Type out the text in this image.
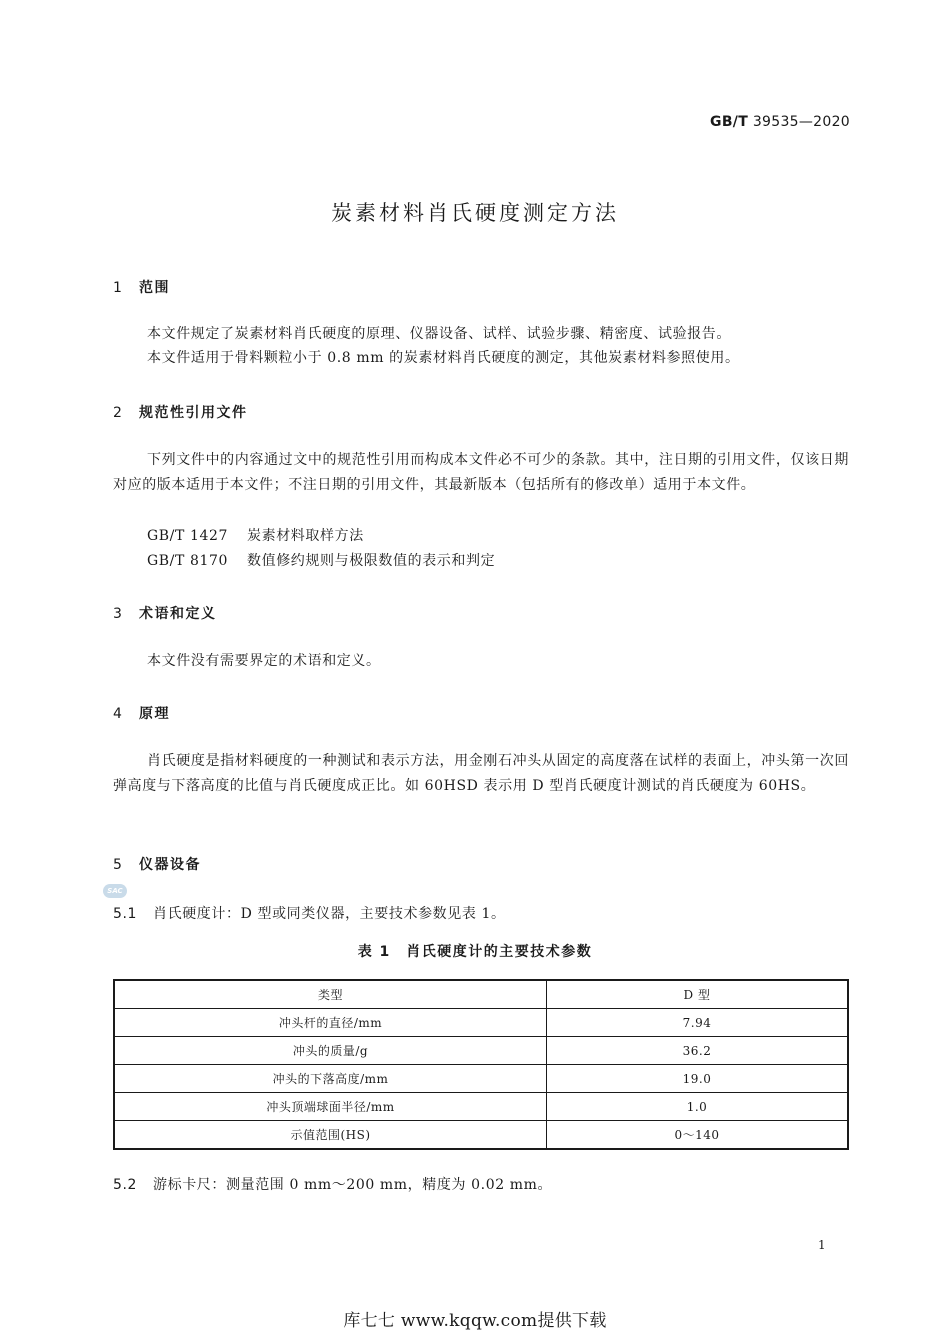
GB/T 39535—2020
炭素材料肖氏硬度测定方法
1 范围
本文件规定了炭素材料肖氏硬度的原理、仪器设备、试样、试验步骤、精密度、试验报告。
本文件适用于骨料颗粒小于 0.8 mm 的炭素材料肖氏硬度的测定，其他炭素材料参照使用。
2 规范性引用文件
下列文件中的内容通过文中的规范性引用而构成本文件必不可少的条款。其中，注日期的引用文件，仅该日期对应的版本适用于本文件；不注日期的引用文件，其最新版本（包括所有的修改单）适用于本文件。
GB/T 1427 炭素材料取样方法
GB/T 8170 数值修约规则与极限数值的表示和判定
3 术语和定义
本文件没有需要界定的术语和定义。
4 原理
肖氏硬度是指材料硬度的一种测试和表示方法，用金刚石冲头从固定的高度落在试样的表面上，冲头第一次回弹高度与下落高度的比值与肖氏硬度成正比。如 60HSD 表示用 D 型肖氏硬度计测试的肖氏硬度为 60HS。
5 仪器设备
SAC
5.1 肖氏硬度计：D 型或同类仪器，主要技术参数见表 1。
表 1　肖氏硬度计的主要技术参数
类型	D 型
冲头杆的直径/mm	7.94
冲头的质量/g	36.2
冲头的下落高度/mm	19.0
冲头顶端球面半径/mm	1.0
示值范围(HS)	0～140
5.2 游标卡尺：测量范围 0 mm～200 mm，精度为 0.02 mm。
1
库七七 www.kqqw.com提供下载
